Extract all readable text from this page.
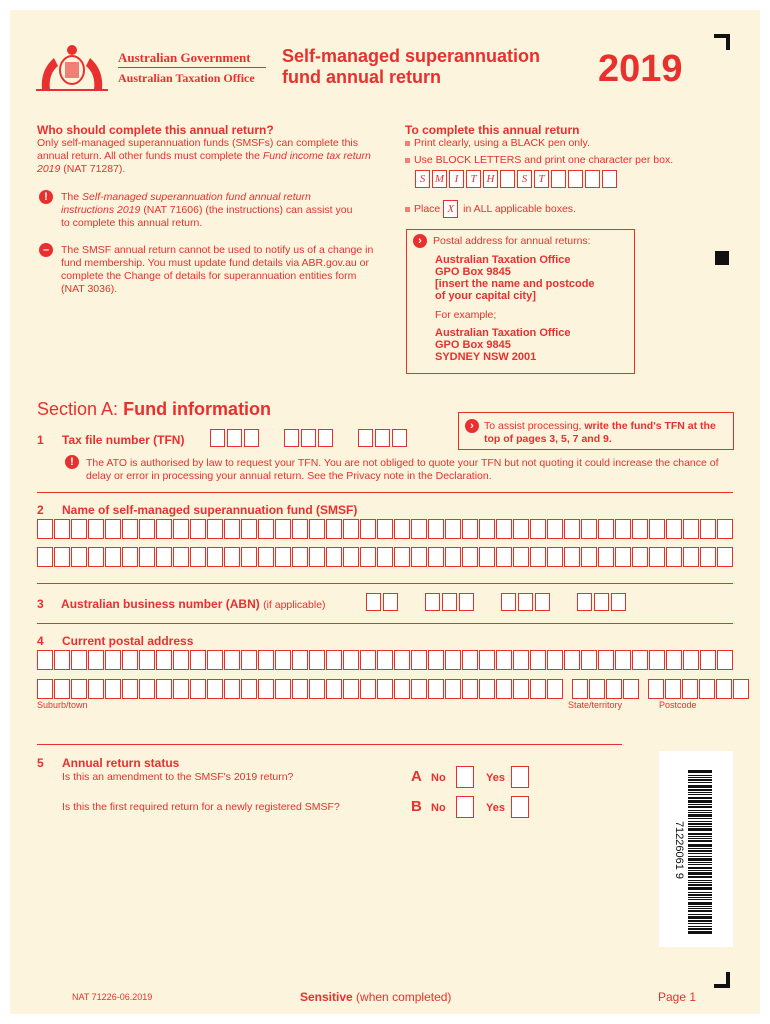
Australian Government
Australian Taxation Office
Self-managed superannuation
fund annual return	2019
Who should complete this annual return?
Only self-managed superannuation funds (SMSFs) can complete this annual return. All other funds must complete the Fund income tax return 2019 (NAT 71287).
!	The Self-managed superannuation fund annual return instructions 2019 (NAT 71606) (the instructions) can assist you to complete this annual return.
–	The SMSF annual return cannot be used to notify us of a change in fund membership. You must update fund details via ABR.gov.au or complete the Change of details for superannuation entities form (NAT 3036).
To complete this annual return
Print clearly, using a BLACK pen only.
Use BLOCK LETTERS and print one character per box.
S M I T H S T
Place X in ALL applicable boxes.
›	Postal address for annual returns:
Australian Taxation Office
GPO Box 9845
[insert the name and postcode
of your capital city]
For example;
Australian Taxation Office
GPO Box 9845
SYDNEY NSW 2001
Section A: Fund information
› To assist processing, write the fund's TFN at the top of pages 3, 5, 7 and 9.
1 Tax file number (TFN)

!	The ATO is authorised by law to request your TFN. You are not obliged to quote your TFN but not quoting it could increase the chance of delay or error in processing your annual return. See the Privacy note in the Declaration.
2 Name of self-managed superannuation fund (SMSF)
3 Australian business number (ABN) (if applicable)

4 Current postal address
Suburb/town	State/territory	Postcode
5 Annual return status
Is this an amendment to the SMSF's 2019 return?	A No	Yes
Is this the first required return for a newly registered SMSF?	B No	Yes
71226061 9
NAT 71226-06.2019	Sensitive (when completed)	Page 1
